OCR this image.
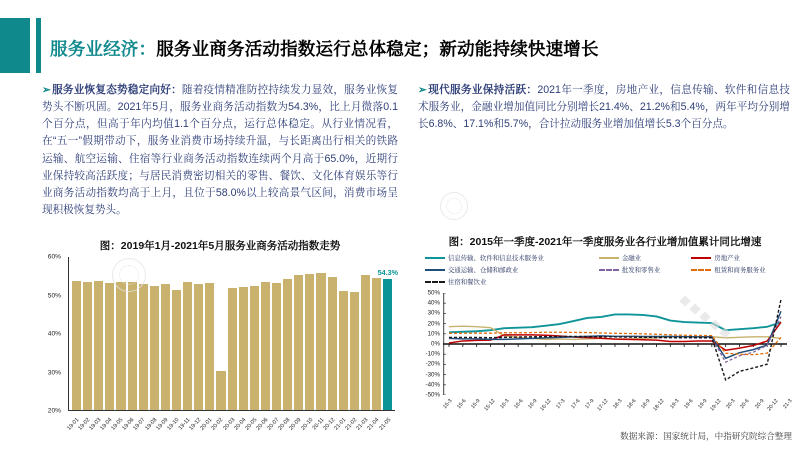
服务业经济：服务业商务活动指数运行总体稳定；新动能持续快速增长
➢服务业恢复态势稳定向好：随着疫情精准防控持续发力显效，服务业恢复势头不断巩固。2021年5月，服务业商务活动指数为54.3%，比上月微落0.1个百分点，但高于年内均值1.1个百分点，运行总体稳定。从行业情况看，在“五一”假期带动下，服务业消费市场持续升温，与长距离出行相关的铁路运输、航空运输、住宿等行业商务活动指数连续两个月高于65.0%，近期行业保持较高活跃度；与居民消费密切相关的零售、餐饮、文化体育娱乐等行业商务活动指数均高于上月，且位于58.0%以上较高景气区间，消费市场呈现积极恢复势头。
➢现代服务业保持活跃：2021年一季度，房地产业，信息传输、软件和信息技术服务业，金融业增加值同比分别增长21.4%、21.2%和5.4%，两年平均分别增长6.8%、17.1%和5.7%，合计拉动服务业增加值增长5.3个百分点。
图：2019年1月-2021年5月服务业商务活动指数走势
60%
50%
40%
30%
20%
54.3%
19-01
19-02
19-03
19-04
19-05
19-06
19-07
19-08
19-09
19-10
19-11
19-12
20-01
20-02
20-03
20-04
20-05
20-06
20-07
20-08
20-09
20-10
20-11
20-12
21-01
21-02
21-03
21-04
21-05
图：2015年一季度-2021年一季度服务业各行业增加值累计同比增速
信息传输、软件和信息技术服务业	金融业	房地产业
交通运输、仓储和邮政业	批发和零售业	租赁和商务服务业
住宿和餐饮业
50%
40%
30%
20%
10%
0%
-10%
-20%
-30%
-40%
-50%
15-3 15-6 15-9 15-12 16-3 16-6 16-9 16-12 17-3 17-6 17-9 17-12 18-3 18-6 18-9 18-12 19-3 19-6 19-9 19-12 20-3 20-6 20-9 20-12 21-3
数据来源：国家统计局，中指研究院综合整理
